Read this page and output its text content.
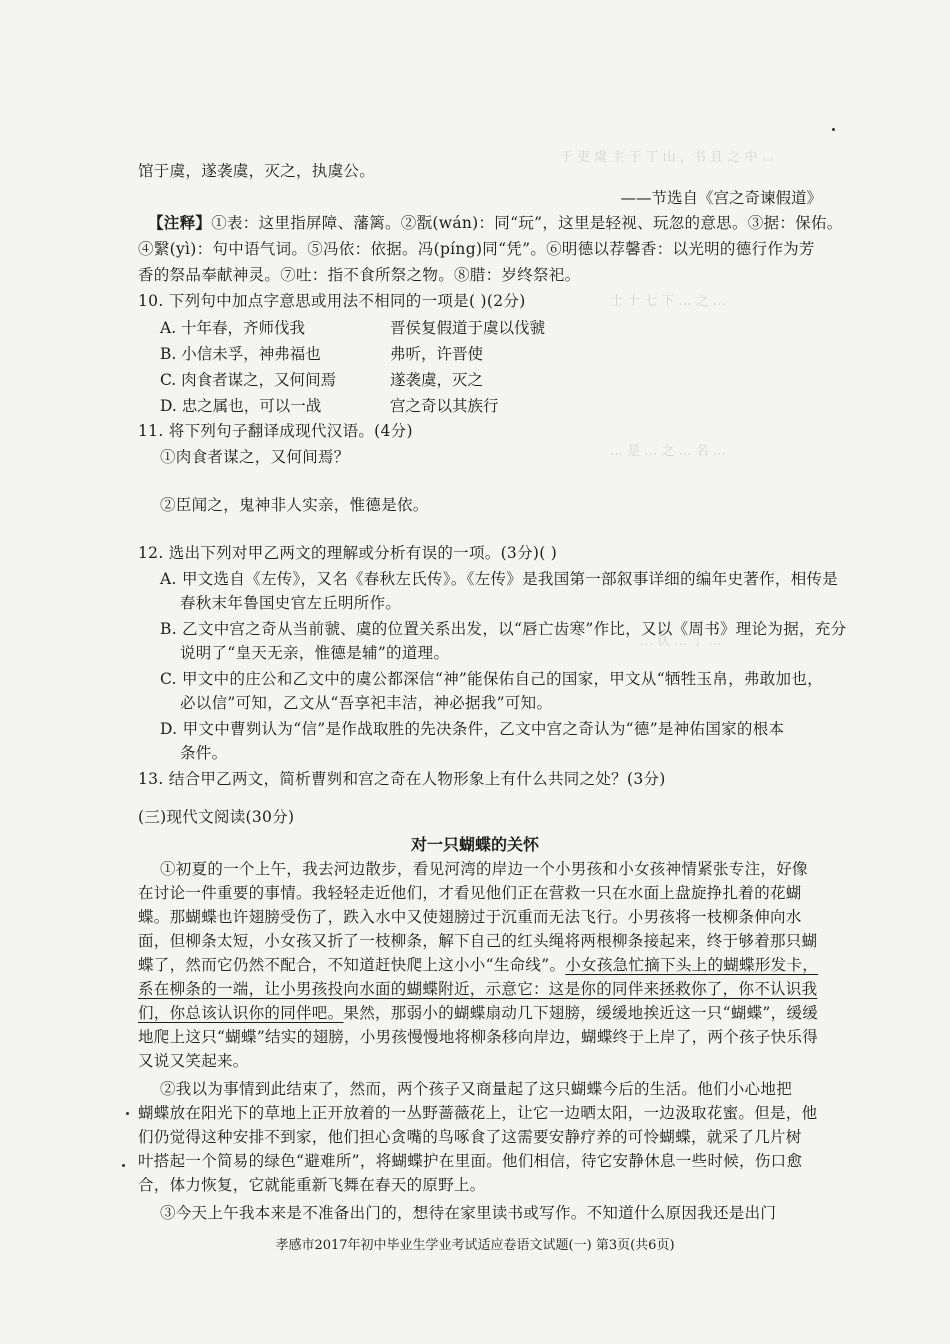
于 吏 虞 主 于 丁 山 ，书 且 之 中 …
士 十 七 下 … 之 …
… 是 … 之 … 名 …
… 认 … 了 …
馆于虞，遂袭虞，灭之，执虞公。
——节选自《宫之奇谏假道》
【注释】①表：这里指屏障、藩篱。②翫(wán)：同“玩”，这里是轻视、玩忽的意思。③据：保佑。
④繄(yì)：句中语气词。⑤冯依：依据。冯(píng)同“凭”。⑥明德以荐馨香：以光明的德行作为芳
香的祭品奉献神灵。⑦吐：指不食所祭之物。⑧腊：岁终祭祀。
10. 下列句中加点字意思或用法不相同的一项是( )(2分)
A. 十年春，齐师伐我	晋侯复假道于虞以伐虢
B. 小信未孚，神弗福也	弗听，许晋使
C. 肉食者谋之，又何间焉	遂袭虞，灭之
D. 忠之属也，可以一战	宫之奇以其族行
11. 将下列句子翻译成现代汉语。(4分)
①肉食者谋之，又何间焉？
②臣闻之，鬼神非人实亲，惟德是依。
12. 选出下列对甲乙两文的理解或分析有误的一项。(3分)( )
A. 甲文选自《左传》，又名《春秋左氏传》。《左传》是我国第一部叙事详细的编年史著作，相传是
春秋末年鲁国史官左丘明所作。
B. 乙文中宫之奇从当前虢、虞的位置关系出发，以“唇亡齿寒”作比，又以《周书》理论为据，充分
说明了“皇天无亲，惟德是辅”的道理。
C. 甲文中的庄公和乙文中的虞公都深信“神”能保佑自己的国家，甲文从“牺牲玉帛，弗敢加也，
必以信”可知，乙文从“吾享祀丰洁，神必据我”可知。
D. 甲文中曹刿认为“信”是作战取胜的先决条件，乙文中宫之奇认为“德”是神佑国家的根本
条件。
13. 结合甲乙两文，简析曹刿和宫之奇在人物形象上有什么共同之处？(3分)
(三)现代文阅读(30分)
对一只蝴蝶的关怀
①初夏的一个上午，我去河边散步，看见河湾的岸边一个小男孩和小女孩神情紧张专注，好像
在讨论一件重要的事情。我轻轻走近他们，才看见他们正在营救一只在水面上盘旋挣扎着的花蝴
蝶。那蝴蝶也许翅膀受伤了，跌入水中又使翅膀过于沉重而无法飞行。小男孩将一枝柳条伸向水
面，但柳条太短，小女孩又折了一枝柳条，解下自己的红头绳将两根柳条接起来，终于够着那只蝴
蝶了，然而它仍然不配合，不知道赶快爬上这小小“生命线”。小女孩急忙摘下头上的蝴蝶形发卡，
系在柳条的一端，让小男孩投向水面的蝴蝶附近，示意它：这是你的同伴来拯救你了，你不认识我
们，你总该认识你的同伴吧。果然，那弱小的蝴蝶扇动几下翅膀，缓缓地挨近这一只“蝴蝶”，缓缓
地爬上这只“蝴蝶”结实的翅膀，小男孩慢慢地将柳条移向岸边，蝴蝶终于上岸了，两个孩子快乐得
又说又笑起来。
②我以为事情到此结束了，然而，两个孩子又商量起了这只蝴蝶今后的生活。他们小心地把
蝴蝶放在阳光下的草地上正开放着的一丛野蔷薇花上，让它一边晒太阳，一边汲取花蜜。但是，他
们仍觉得这种安排不到家，他们担心贪嘴的鸟啄食了这需要安静疗养的可怜蝴蝶，就采了几片树
叶搭起一个简易的绿色“避难所”，将蝴蝶护在里面。他们相信，待它安静休息一些时候，伤口愈
合，体力恢复，它就能重新飞舞在春天的原野上。
③今天上午我本来是不准备出门的，想待在家里读书或写作。不知道什么原因我还是出门
孝感市2017年初中毕业生学业考试适应卷语文试题(一) 第3页(共6页)
